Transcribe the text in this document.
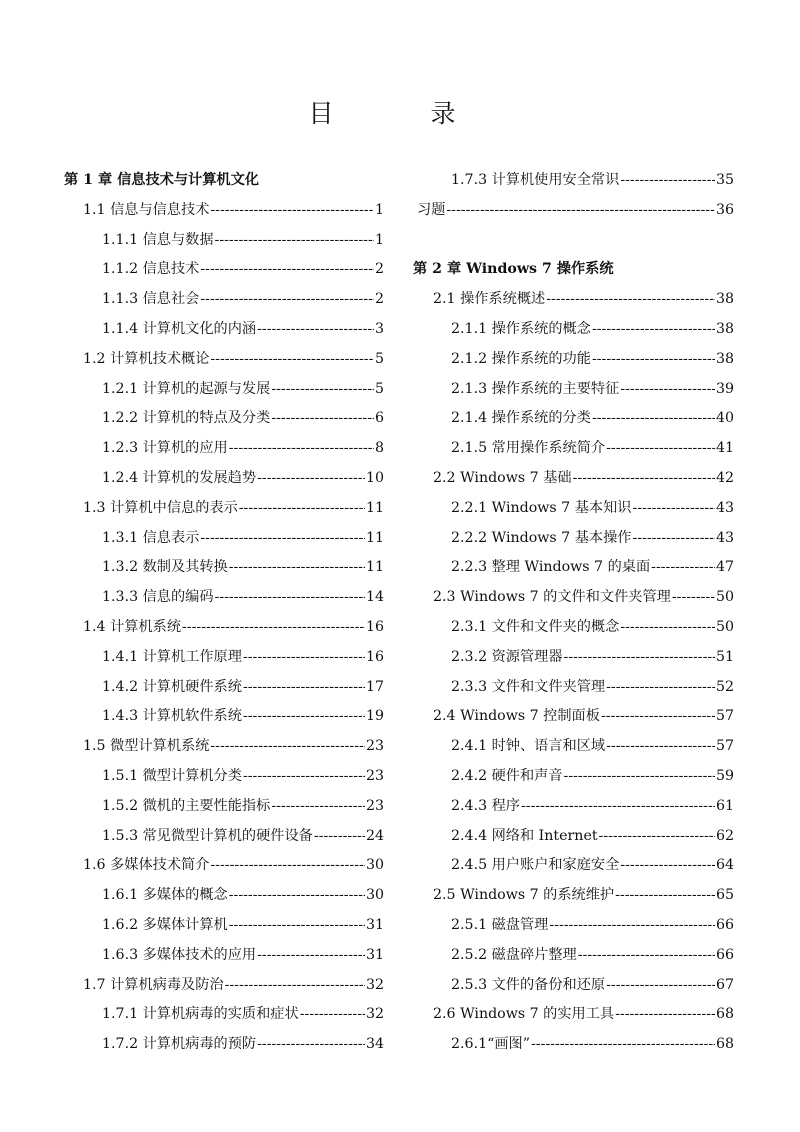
目　录
第 1 章 信息技术与计算机文化
1.1 信息与信息技术 -----	1
1.1.1 信息与数据 -----	1
1.1.2 信息技术 -----	2
1.1.3 信息社会 -----	2
1.1.4 计算机文化的内涵 -----	3
1.2 计算机技术概论 -----	5
1.2.1 计算机的起源与发展 -----	5
1.2.2 计算机的特点及分类 -----	6
1.2.3 计算机的应用 -----	8
1.2.4 计算机的发展趋势 -----	10
1.3 计算机中信息的表示 -----	11
1.3.1 信息表示 -----	11
1.3.2 数制及其转换 -----	11
1.3.3 信息的编码 -----	14
1.4 计算机系统 -----	16
1.4.1 计算机工作原理 -----	16
1.4.2 计算机硬件系统 -----	17
1.4.3 计算机软件系统 -----	19
1.5 微型计算机系统 -----	23
1.5.1 微型计算机分类 -----	23
1.5.2 微机的主要性能指标 -----	23
1.5.3 常见微型计算机的硬件设备 -----	24
1.6 多媒体技术简介 -----	30
1.6.1 多媒体的概念 -----	30
1.6.2 多媒体计算机 -----	31
1.6.3 多媒体技术的应用 -----	31
1.7 计算机病毒及防治 -----	32
1.7.1 计算机病毒的实质和症状 -----	32
1.7.2 计算机病毒的预防 -----	34
1.7.3 计算机使用安全常识 -----	35
习题 -----	36
第 2 章 Windows 7 操作系统
2.1 操作系统概述 -----	38
2.1.1 操作系统的概念 -----	38
2.1.2 操作系统的功能 -----	38
2.1.3 操作系统的主要特征 -----	39
2.1.4 操作系统的分类 -----	40
2.1.5 常用操作系统简介 -----	41
2.2 Windows 7 基础 -----	42
2.2.1 Windows 7 基本知识 -----	43
2.2.2 Windows 7 基本操作 -----	43
2.2.3 整理 Windows 7 的桌面 -----	47
2.3 Windows 7 的文件和文件夹管理 -----	50
2.3.1 文件和文件夹的概念 -----	50
2.3.2 资源管理器 -----	51
2.3.3 文件和文件夹管理 -----	52
2.4 Windows 7 控制面板 -----	57
2.4.1 时钟、语言和区域 -----	57
2.4.2 硬件和声音 -----	59
2.4.3 程序 -----	61
2.4.4 网络和 Internet -----	62
2.4.5 用户账户和家庭安全 -----	64
2.5 Windows 7 的系统维护 -----	65
2.5.1 磁盘管理 -----	66
2.5.2 磁盘碎片整理 -----	66
2.5.3 文件的备份和还原 -----	67
2.6 Windows 7 的实用工具 -----	68
2.6.1“画图” -----	68
